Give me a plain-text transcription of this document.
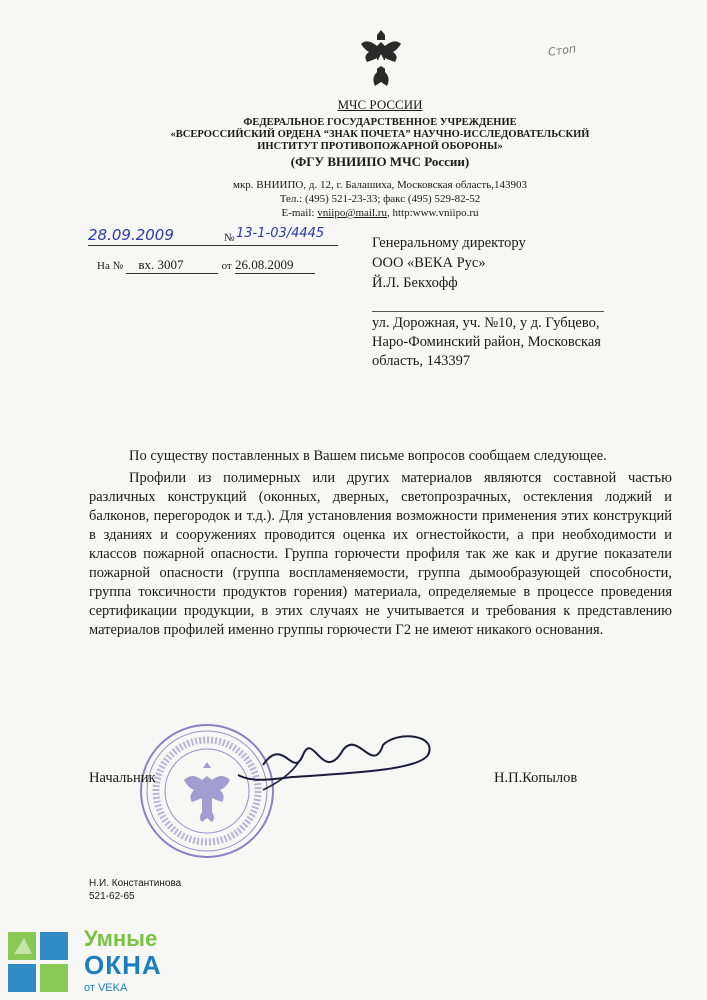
Стоп
МЧС РОССИИ
ФЕДЕРАЛЬНОЕ ГОСУДАРСТВЕННОЕ УЧРЕЖДЕНИЕ
«ВСЕРОССИЙСКИЙ ОРДЕНА “ЗНАК ПОЧЕТА” НАУЧНО-ИССЛЕДОВАТЕЛЬСКИЙ
ИНСТИТУТ ПРОТИВОПОЖАРНОЙ ОБОРОНЫ»
(ФГУ ВНИИПО МЧС России)
мкр. ВНИИПО, д. 12, г. Балашиха, Московская область,143903
Тел.: (495) 521-23-33; факс (495) 529-82-52
E-mail: vniipo@mail.ru, http:www.vniipo.ru
28.09.2009	№ 13-1-03/4445
На № вх. 3007	от 26.08.2009
Генеральному директору
ООО «ВЕКА Рус»
Й.Л. Бекхофф
ул. Дорожная, уч. №10, у д. Губцево,
Наро-Фоминский район, Московская
область, 143397

По существу поставленных в Вашем письме вопросов сообщаем следующее.

Профили из полимерных или других материалов являются составной частью различных конструкций (оконных, дверных, светопрозрачных, остекления лоджий и балконов, перегородок и т.д.). Для установления возможности применения этих конструкций в зданиях и сооружениях проводится оценка их огнестойкости, а при необходимости и классов пожарной опасности. Группа горючести профиля так же как и другие показатели пожарной опасности (группа воспламеняемости, группа дымообразующей способности, группа токсичности продуктов горения) материала, определяемые в процессе проведения сертификации продукции, в этих случаях не учитывается и требования к представлению материалов профилей именно группы горючести Г2 не имеют никакого основания.

Начальник	Н.П.Копылов
Н.И. Константинова
521-62-65
Умные
ОКНА
от VEKA
